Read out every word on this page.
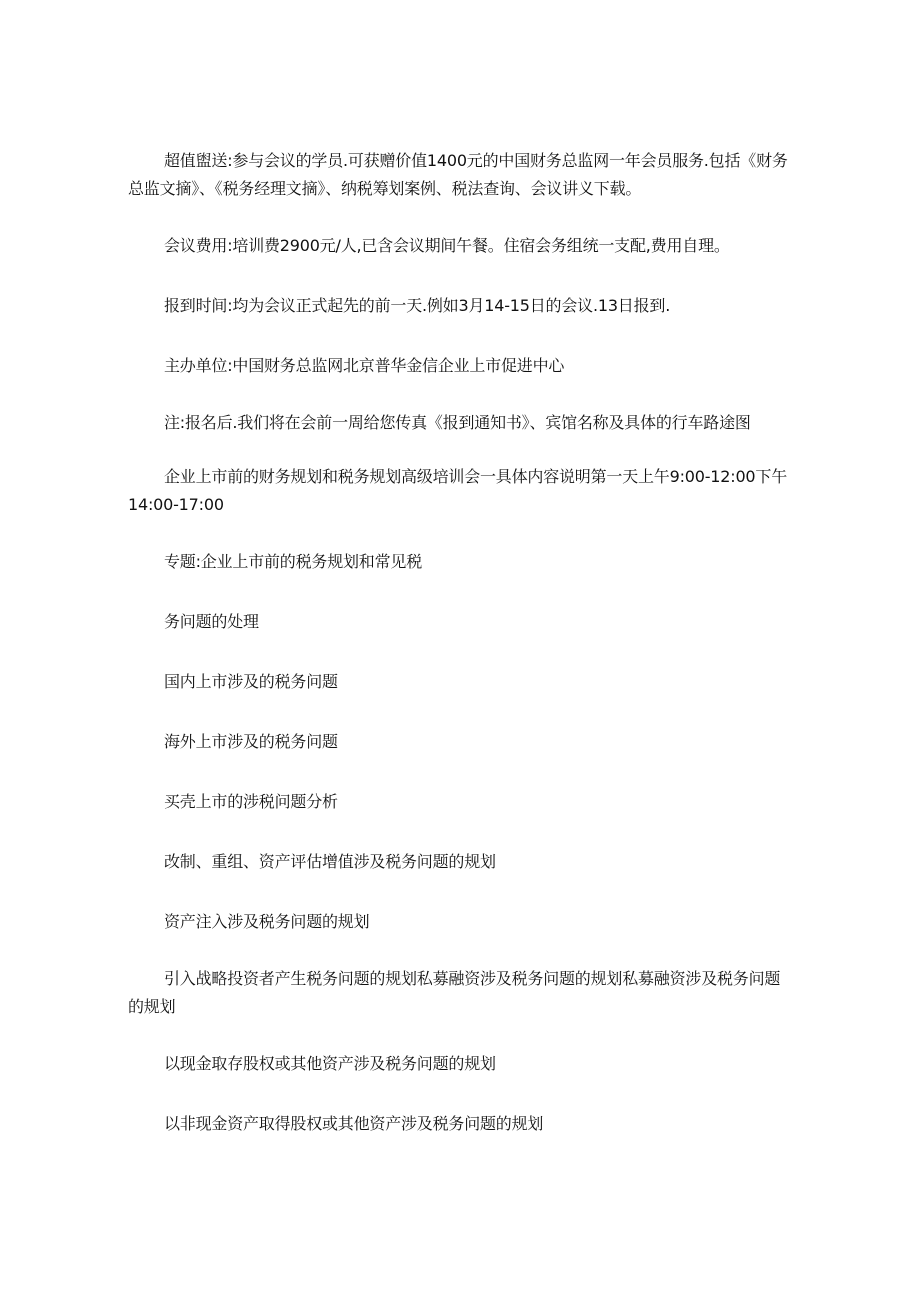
超值盥送:参与会议的学员.可获赠价值1400元的中国财务总监网一年会员服务.包括《财务总监文摘》、《税务经理文摘》、纳税筹划案例、税法查询、会议讲义下载。

会议费用:培训费2900元/人,已含会议期间午餐。住宿会务组统一支配,费用自理。

报到时间:均为会议正式起先的前一天.例如3月14-15日的会议.13日报到.

主办单位:中国财务总监网北京普华金信企业上市促进中心

注:报名后.我们将在会前一周给您传真《报到通知书》、宾馆名称及具体的行车路途图

企业上市前的财务规划和税务规划高级培训会一具体内容说明第一天上午9:00-12:00下午14:00-17:00

专题:企业上市前的税务规划和常见税

务问题的处理

国内上市涉及的税务问题

海外上市涉及的税务问题

买壳上市的涉税问题分析

改制、重组、资产评估增值涉及税务问题的规划

资产注入涉及税务问题的规划

引入战略投资者产生税务问题的规划私募融资涉及税务问题的规划私募融资涉及税务问题的规划

以现金取存股权或其他资产涉及税务问题的规划

以非现金资产取得股权或其他资产涉及税务问题的规划
